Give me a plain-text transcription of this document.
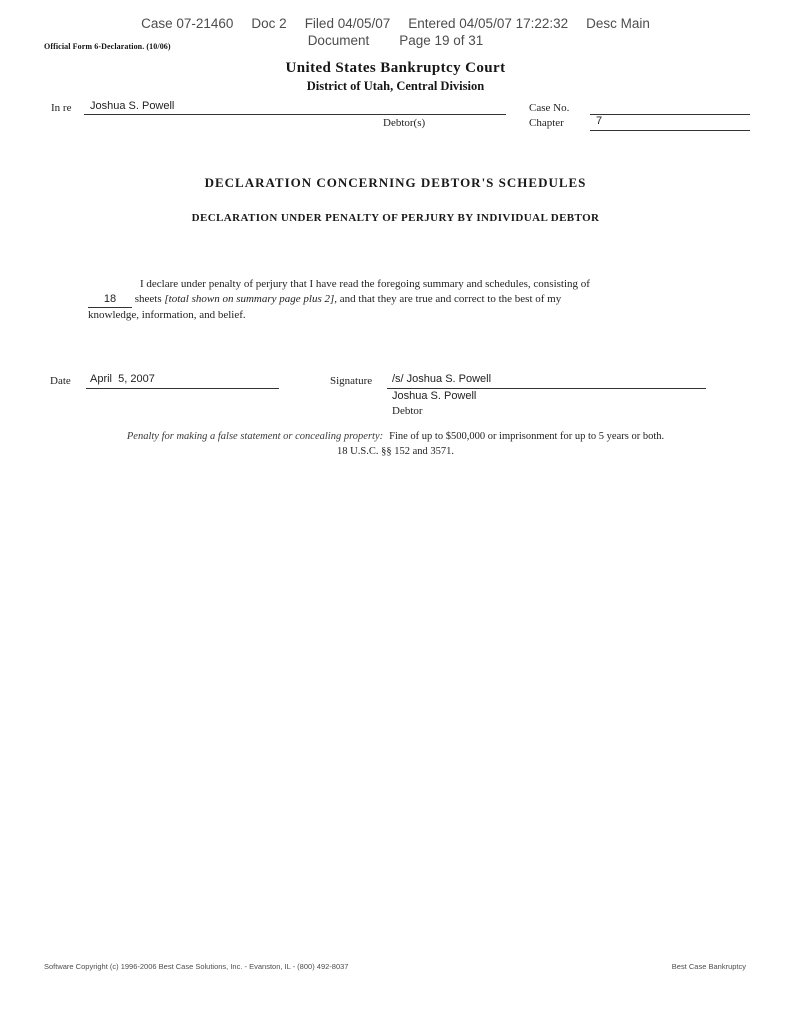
Case 07-21460 Doc 2 Filed 04/05/07 Entered 04/05/07 17:22:32 Desc Main
Document Page 19 of 31
Official Form 6-Declaration. (10/06)
United States Bankruptcy Court
District of Utah, Central Division
In re Joshua S. Powell
Debtor(s)
Case No.
Chapter	7
DECLARATION CONCERNING DEBTOR'S SCHEDULES
DECLARATION UNDER PENALTY OF PERJURY BY INDIVIDUAL DEBTOR
I declare under penalty of perjury that I have read the foregoing summary and schedules, consisting of
18 sheets [total shown on summary page plus 2], and that they are true and correct to the best of my
knowledge, information, and belief.
Date April  5, 2007	Signature /s/ Joshua S. Powell
Joshua S. Powell
Debtor
Penalty for making a false statement or concealing property: Fine of up to $500,000 or imprisonment for up to 5 years or both.
18 U.S.C. §§ 152 and 3571.
Software Copyright (c) 1996-2006 Best Case Solutions, Inc. - Evanston, IL - (800) 492-8037	Best Case Bankruptcy
